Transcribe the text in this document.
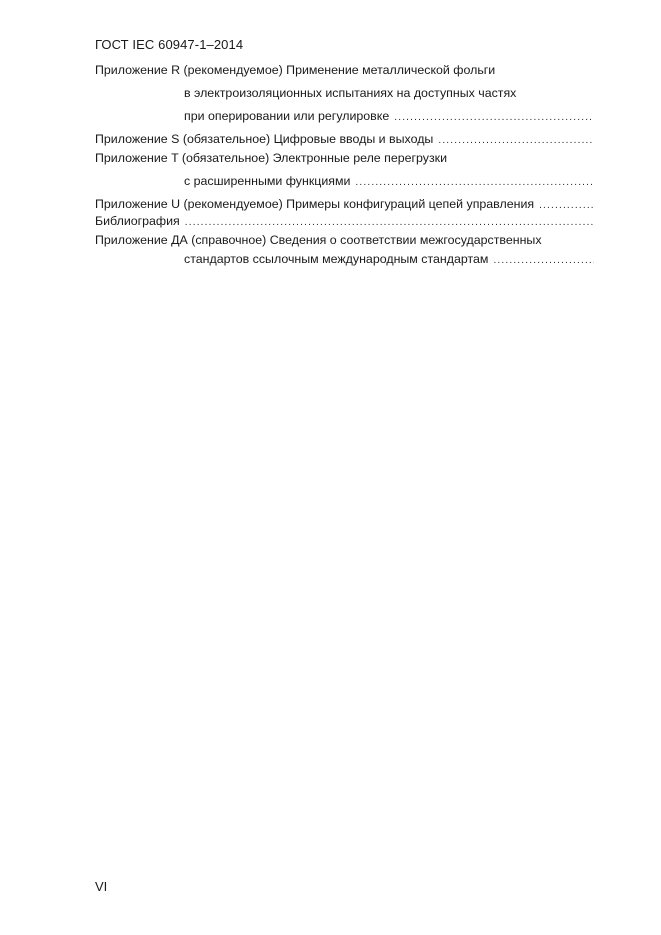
ГОСТ IEC 60947-1–2014
Приложение R (рекомендуемое) Применение металлической фольги
в электроизоляционных испытаниях на доступных частях
при оперировании или регулировке
.....
Приложение S (обязательное) Цифровые вводы и выходы
.....
Приложение T (обязательное) Электронные реле перегрузки
с расширенными функциями
.....
Приложение U (рекомендуемое) Примеры конфигураций цепей управления
.....
Библиография
.....
Приложение ДА (справочное) Сведения о соответствии межгосударственных
стандартов ссылочным международным стандартам
.....
VI
